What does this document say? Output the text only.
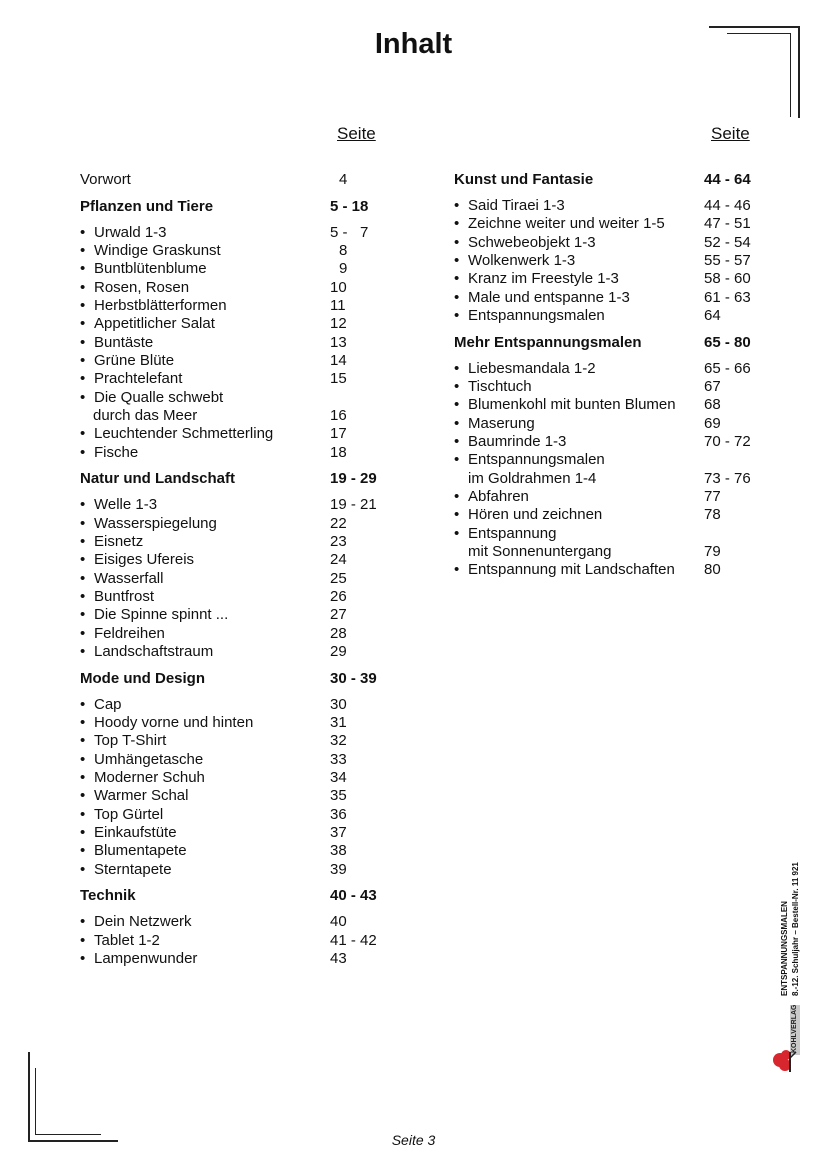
Inhalt
Seite	Seite
Vorwort	4
Pflanzen und Tiere	5 - 18
• Urwald 1-3	5 -   7
• Windige Graskunst	8
• Buntblütenblume	9
• Rosen, Rosen	10
• Herbstblätterformen	11
• Appetitlicher Salat	12
• Buntäste	13
• Grüne Blüte	14
• Prachtelefant	15
• Die Qualle schwebt
durch das Meer	16
• Leuchtender Schmetterling	17
• Fische	18
Natur und Landschaft	19 - 29
• Welle 1-3	19 - 21
• Wasserspiegelung	22
• Eisnetz	23
• Eisiges Ufereis	24
• Wasserfall	25
• Buntfrost	26
• Die Spinne spinnt ...	27
• Feldreihen	28
• Landschaftstraum	29
Mode und Design	30 - 39
• Cap	30
• Hoody vorne und hinten	31
• Top T-Shirt	32
• Umhängetasche	33
• Moderner Schuh	34
• Warmer Schal	35
• Top Gürtel	36
• Einkaufstüte	37
• Blumentapete	38
• Sterntapete	39
Technik	40 - 43
• Dein Netzwerk	40
• Tablet 1-2	41 - 42
• Lampenwunder	43
Kunst und Fantasie	44 - 64
• Said Tiraei 1-3	44 - 46
• Zeichne weiter und weiter 1-5	47 - 51
• Schwebeobjekt 1-3	52 - 54
• Wolkenwerk 1-3	55 - 57
• Kranz im Freestyle 1-3	58 - 60
• Male und entspanne 1-3	61 - 63
• Entspannungsmalen	64
Mehr Entspannungsmalen	65 - 80
• Liebesmandala 1-2	65 - 66
• Tischtuch	67
• Blumenkohl mit bunten Blumen 68
• Maserung	69
• Baumrinde 1-3	70 - 72
• Entspannungsmalen
im Goldrahmen 1-4	73 - 76
• Abfahren	77
• Hören und zeichnen	78
• Entspannung
mit Sonnenuntergang	79
• Entspannung mit Landschaften 80
ENTSPANNUNGSMALEN 8.-12. Schuljahr – Bestell-Nr. 11 921
KOHLVERLAG
Seite 3
